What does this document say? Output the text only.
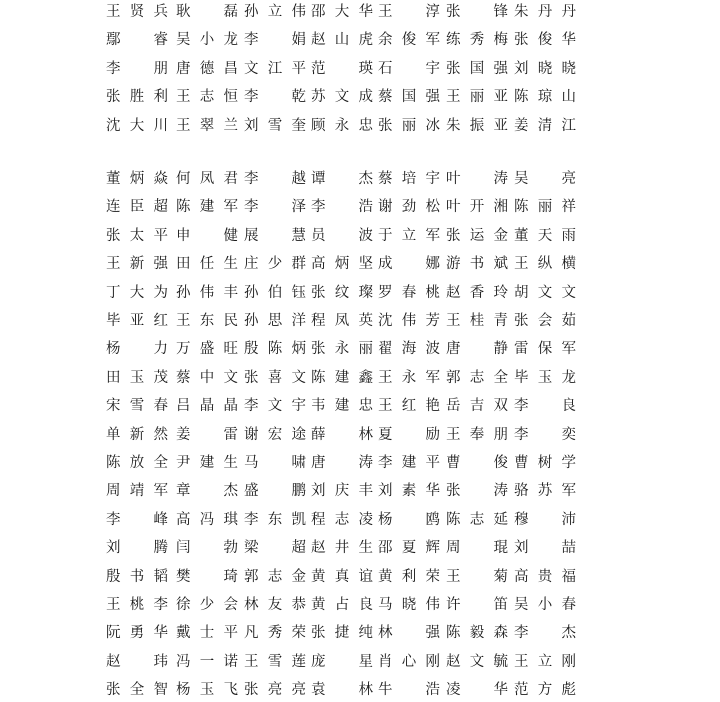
王贤兵 耿 磊 孙立伟 邵大华 王 淳 张 锋 朱丹丹
鄢 睿 吴小龙 李 娟 赵山虎 余俊军 练秀梅 张俊华
李 朋 唐德昌 文江平 范 瑛 石 宇 张国强 刘晓晓
张胜利 王志恒 李 乾 苏文成 蔡国强 王丽亚 陈琼山
沈大川 王翠兰 刘雪奎 顾永忠 张丽冰 朱振亚 姜清江
董炳焱 何凤君 李 越 谭 杰 蔡培宇 叶 涛 吴 亮
连臣超 陈建军 李 泽 李 浩 谢劲松 叶开湘 陈丽祥
张太平 申 健 展 慧 员 波 于立军 张运金 董天雨
王新强 田任生 庄少群 高炳坚 成 娜 游书斌 王纵横
丁大为 孙伟丰 孙伯钰 张纹璨 罗春桃 赵香玲 胡文文
毕亚红 王东民 孙思洋 程凤英 沈伟芳 王桂青 张会茹
杨 力 万盛旺 殷陈炳 张永丽 翟海波 唐 静 雷保军
田玉茂 蔡中文 张喜文 陈建鑫 王永军 郭志全 毕玉龙
宋雪春 吕晶晶 李文宇 韦建忠 王红艳 岳吉双 李 良
单新然 姜 雷 谢宏途 薛 林 夏 励 王奉朋 李 奕
陈放全 尹建生 马 啸 唐 涛 李建平 曹 俊 曹树学
周靖军 章 杰 盛 鹏 刘庆丰 刘素华 张 涛 骆苏军
李 峰 高冯琪 李东凯 程志凌 杨 鸥 陈志延 穆 沛
刘 腾 闫 勃 梁 超 赵井生 邵夏辉 周 琨 刘 喆
殷书韬 樊 琦 郭志金 黄真谊 黄利荣 王 菊 高贵福
王桃李 徐少会 林友恭 黄占良 马晓伟 许 笛 吴小春
阮勇华 戴士平 凡秀荣 张捷纯 林 强 陈毅森 李 杰
赵 玮 冯一诺 王雪莲 庞 星 肖心刚 赵文毓 王立刚
张全智 杨玉飞 张亮亮 袁 林 牛 浩 凌 华 范方彪
